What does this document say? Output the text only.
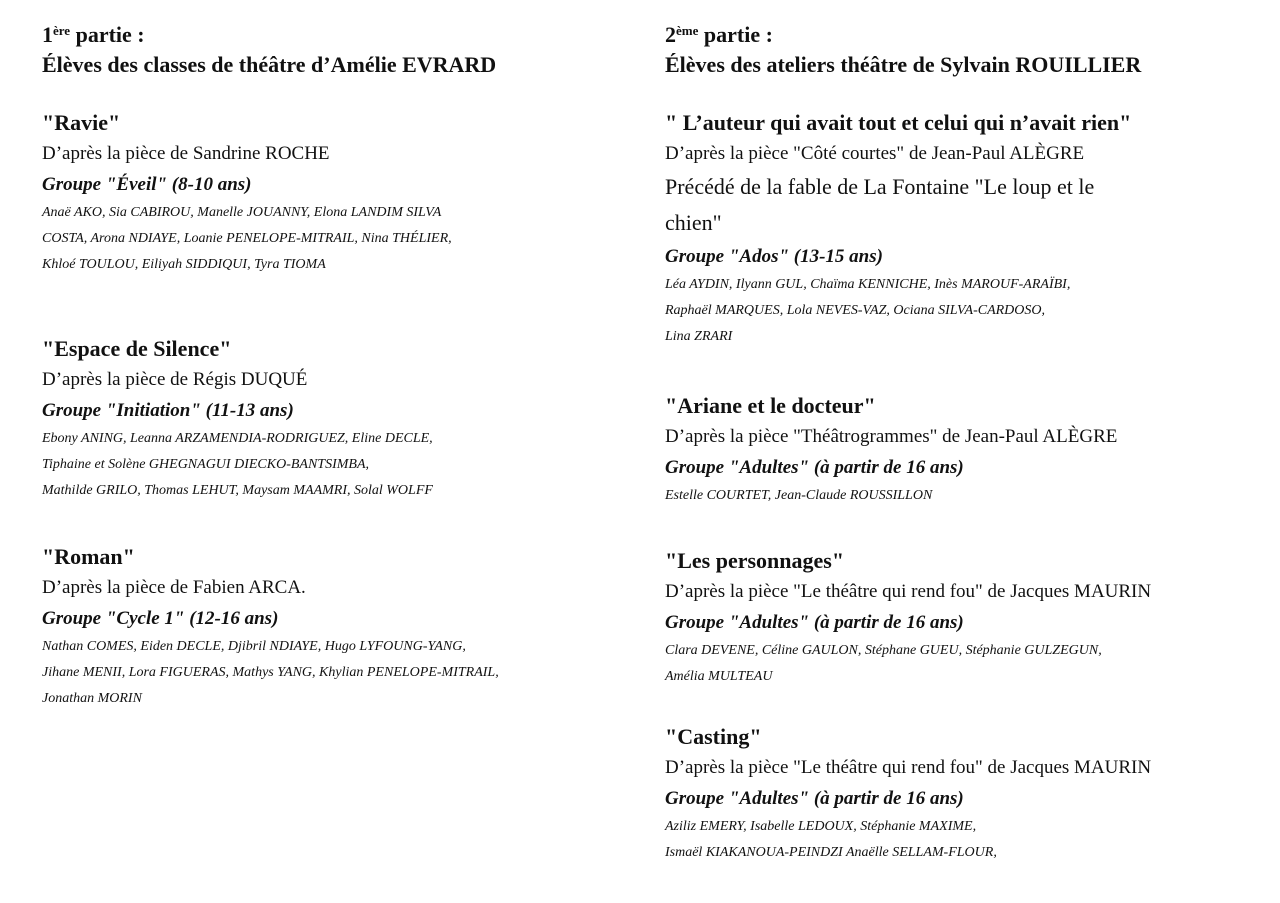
1ère partie :

Élèves des classes de théâtre d’Amélie EVRARD

"Ravie"

D’après la pièce de Sandrine ROCHE

Groupe "Éveil" (8-10 ans)

Anaë AKO, Sia CABIROU, Manelle JOUANNY, Elona LANDIM SILVA
COSTA, Arona NDIAYE, Loanie PENELOPE-MITRAIL, Nina THÉLIER,
Khloé TOULOU, Eiliyah SIDDIQUI, Tyra TIOMA

"Espace de Silence"

D’après la pièce de Régis DUQUÉ

Groupe "Initiation" (11-13 ans)

Ebony ANING, Leanna ARZAMENDIA-RODRIGUEZ, Eline DECLE,
Tiphaine et Solène GHEGNAGUI DIECKO-BANTSIMBA,
Mathilde GRILO, Thomas LEHUT, Maysam MAAMRI, Solal WOLFF

"Roman"

D’après la pièce de Fabien ARCA.

Groupe "Cycle 1" (12-16 ans)

Nathan COMES, Eiden DECLE, Djibril NDIAYE, Hugo LYFOUNG-YANG,
Jihane MENII, Lora FIGUERAS, Mathys YANG, Khylian PENELOPE-MITRAIL,
Jonathan MORIN

2ème partie :

Élèves des ateliers théâtre de Sylvain ROUILLIER

" L’auteur qui avait tout et celui qui n’avait rien"

D’après la pièce "Côté courtes" de Jean-Paul ALÈGRE

Précédé de la fable de La Fontaine "Le loup et le
chien"

Groupe "Ados" (13-15 ans)

Léa AYDIN, Ilyann GUL, Chaïma KENNICHE, Inès MAROUF-ARAÏBI,
Raphaël MARQUES, Lola NEVES-VAZ, Ociana SILVA-CARDOSO,
Lina ZRARI

"Ariane et le docteur"

D’après la pièce "Théâtrogrammes" de Jean-Paul ALÈGRE

Groupe "Adultes" (à partir de 16 ans)

Estelle COURTET, Jean-Claude ROUSSILLON

"Les personnages"

D’après la pièce "Le théâtre qui rend fou" de Jacques MAURIN

Groupe "Adultes" (à partir de 16 ans)

Clara DEVENE, Céline GAULON, Stéphane GUEU, Stéphanie GULZEGUN,
Amélia MULTEAU

"Casting"

D’après la pièce "Le théâtre qui rend fou" de Jacques MAURIN

Groupe "Adultes" (à partir de 16 ans)

Aziliz EMERY, Isabelle LEDOUX, Stéphanie MAXIME,
Ismaël KIAKANOUA-PEINDZI Anaëlle SELLAM-FLOUR,
